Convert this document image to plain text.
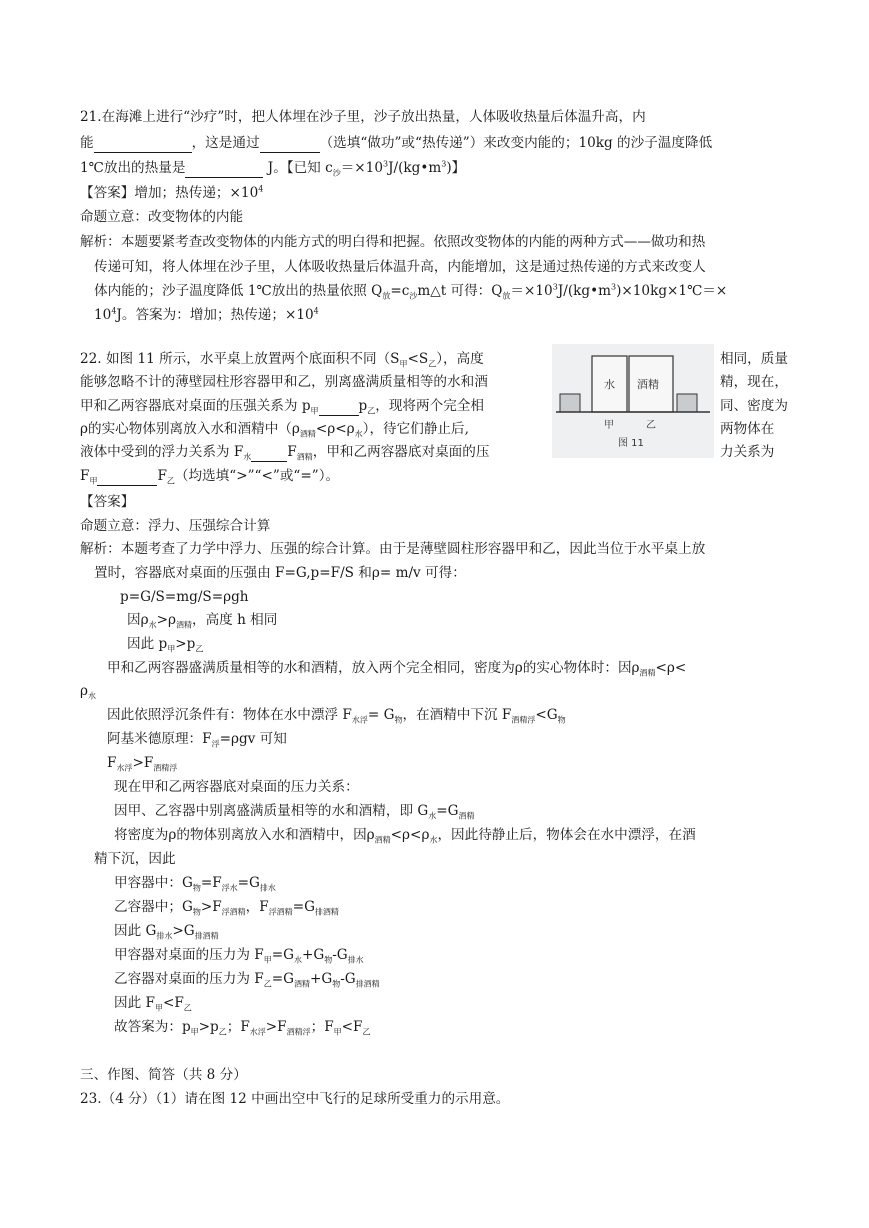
21.在海滩上进行“沙疗”时，把人体埋在沙子里，沙子放出热量，人体吸收热量后体温升高，内
能	，这是通过	（选填“做功”或“热传递”）来改变内能的；10kg 的沙子温度降低
1℃放出的热量是	J。【已知 $c_沙=\times 10^3J/(kg•m^3)$】
【答案】增加；热传递；$\times 10^4$
命题立意：改变物体的内能
解析：本题要紧考查改变物体的内能方式的明白得和把握。依照改变物体的内能的两种方式——做功和热
传递可知，将人体埋在沙子里，人体吸收热量后体温升高，内能增加，这是通过热传递的方式来改变人
体内能的；沙子温度降低 1℃放出的热量依照 $Q_放=c_沙m\triangle t$ 可得：$Q_放=\times 10^3J/(kg•m^3)\times 10kg\times 1℃=\times$
$10^4J$。答案为：增加；热传递；$\times 10^4$
22. 如图 11 所示，水平桌上放置两个底面积不同$(S_甲<S_乙)$，高度	相同，质量
能够忽略不计的薄壁园柱形容器甲和乙，别离盛满质量相等的水和酒	精，现在，
甲和乙两容器底对桌面的压强关系为 $p_甲$	$p_乙$，现将两个完全相	同、密度为
ρ的实心物体别离放入水和酒精中$(\rho_{酒精}<\rho<\rho_水)$，待它们静止后,	两物体在
液体中受到的浮力关系为 $F_水$	$F_{酒精}$，甲和乙两容器底对桌面的压	力关系为
$F_甲$	$F_乙$（均选填“>”“<”或“=”）。
水 酒精
甲	乙
图 11
【答案】
命题立意：浮力、压强综合计算
解析：本题考查了力学中浮力、压强的综合计算。由于是薄壁圆柱形容器甲和乙，因此当位于水平桌上放
置时，容器底对桌面的压强由 F=G,p=F/S 和ρ= m/v 可得：
p=G/S=mg/S=ρgh
因$\rho_水>\rho_{酒精}$，高度 h 相同
因此 $p_甲>p_乙$
甲和乙两容器盛满质量相等的水和酒精，放入两个完全相同，密度为ρ的实心物体时：因$\rho_{酒精}<\rho<$
$\rho_水$
因此依照浮沉条件有：物体在水中漂浮 $F_{水浮}= G_物$，在酒精中下沉 $F_{酒精浮}<G_物$
阿基米德原理：$F_浮=\rho gv$ 可知
$F_{水浮}>F_{酒精浮}$
现在甲和乙两容器底对桌面的压力关系：
因甲、乙容器中别离盛满质量相等的水和酒精，即 $G_水=G_{酒精}$
将密度为ρ的物体别离放入水和酒精中，因$\rho_{酒精}<\rho<\rho_水$，因此待静止后，物体会在水中漂浮，在酒
精下沉，因此
甲容器中：$G_物=F_{浮水}=G_{排水}$
乙容器中；$G_物>F_{浮酒精}$，$F_{浮酒精}=G_{排酒精}$
因此 $G_{排水}>G_{排酒精}$
甲容器对桌面的压力为 $F_甲=G_水+G_物-G_{排水}$
乙容器对桌面的压力为 $F_乙=G_{酒精}+G_物-G_{排酒精}$
因此 $F_甲<F_乙$
故答案为：$p_甲>p_乙$；$F_{水浮}>F_{酒精浮}$；$F_甲<F_乙$
三、作图、简答（共 8 分）
23.（4 分）（1）请在图 12 中画出空中飞行的足球所受重力的示用意。
